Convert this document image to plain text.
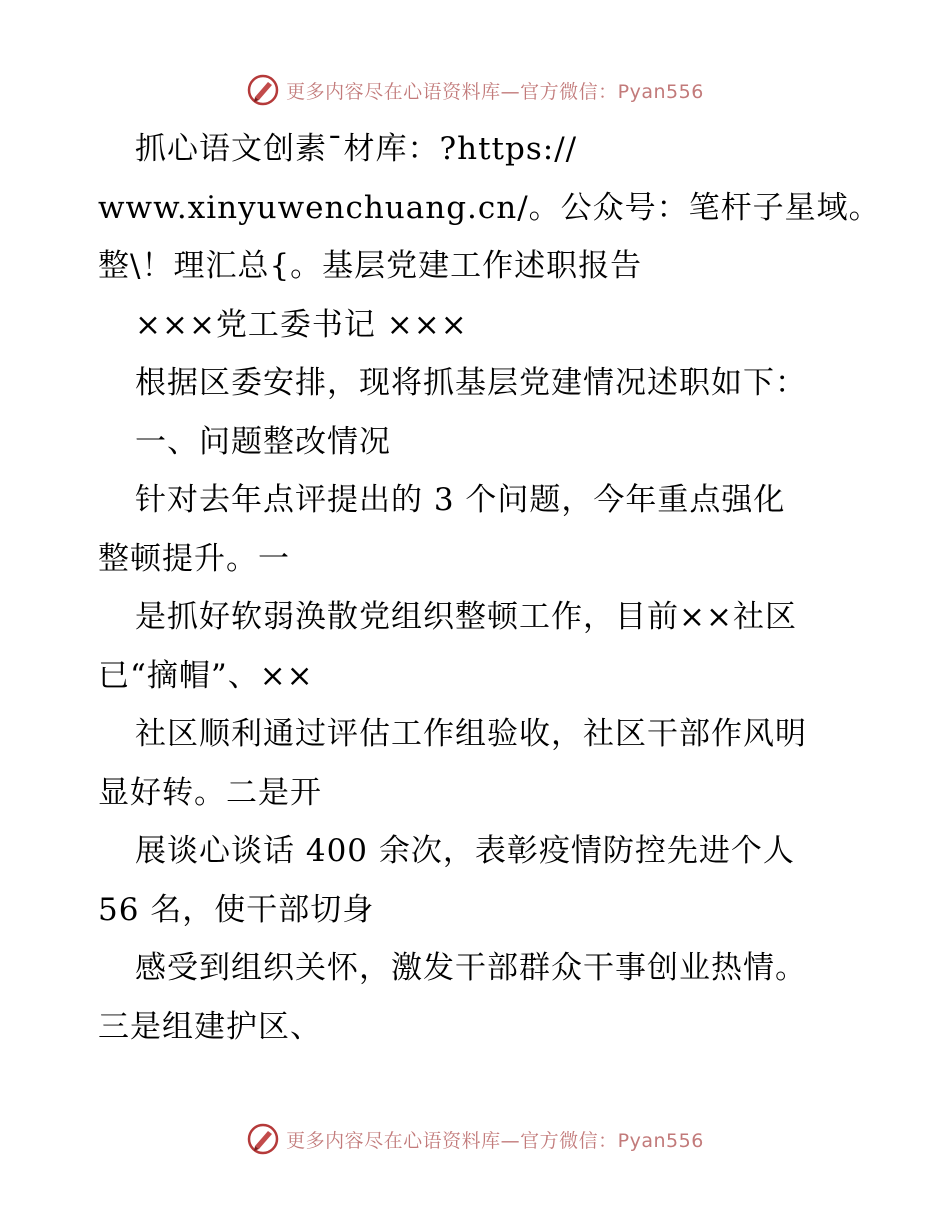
更多内容尽在心语资料库—官方微信：Pyan556
抓心语文创素¯材库：?https://
www.xinyuwenchuang.cn/。公众号：笔杆子星域。
整\！理汇总{。基层党建工作述职报告
×××党工委书记 ×××
根据区委安排，现将抓基层党建情况述职如下：
一、问题整改情况
针对去年点评提出的 3 个问题，今年重点强化
整顿提升。一
是抓好软弱涣散党组织整顿工作，目前××社区
已“摘帽”、××
社区顺利通过评估工作组验收，社区干部作风明
显好转。二是开
展谈心谈话 400 余次，表彰疫情防控先进个人
56 名，使干部切身
感受到组织关怀，激发干部群众干事创业热情。
三是组建护区、
更多内容尽在心语资料库—官方微信：Pyan556
